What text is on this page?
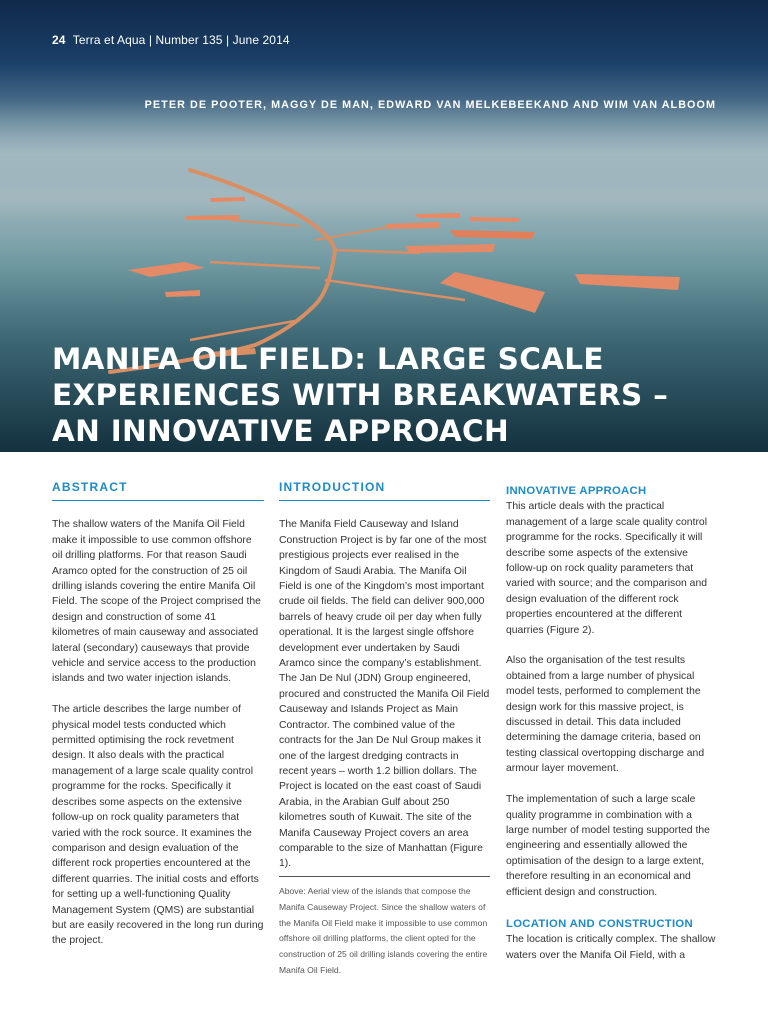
24 Terra et Aqua | Number 135 | June 2014
PETER DE POOTER, MAGGY DE MAN, EDWARD VAN MELKEBEEKAND AND WIM VAN ALBOOM
MANIFA OIL FIELD: LARGE SCALE
EXPERIENCES WITH BREAKWATERS –
AN INNOVATIVE APPROACH
ABSTRACT

The shallow waters of the Manifa Oil Field make it impossible to use common offshore oil drilling platforms. For that reason Saudi Aramco opted for the construction of 25 oil drilling islands covering the entire Manifa Oil Field. The scope of the Project comprised the design and construction of some 41 kilometres of main causeway and associated lateral (secondary) causeways that provide vehicle and service access to the production islands and two water injection islands.

The article describes the large number of physical model tests conducted which permitted optimising the rock revetment design. It also deals with the practical management of a large scale quality control programme for the rocks. Specifically it describes some aspects on the extensive follow-up on rock quality parameters that varied with the rock source. It examines the comparison and design evaluation of the different rock properties encountered at the different quarries. The initial costs and efforts for setting up a well-functioning Quality Management System (QMS) are substantial but are easily recovered in the long run during the project.

INTRODUCTION

The Manifa Field Causeway and Island Construction Project is by far one of the most prestigious projects ever realised in the Kingdom of Saudi Arabia. The Manifa Oil Field is one of the Kingdom’s most important crude oil fields. The field can deliver 900,000 barrels of heavy crude oil per day when fully operational. It is the largest single offshore development ever undertaken by Saudi Aramco since the company’s establishment. The Jan De Nul (JDN) Group engineered, procured and constructed the Manifa Oil Field Causeway and Islands Project as Main Contractor. The combined value of the contracts for the Jan De Nul Group makes it one of the largest dredging contracts in recent years – worth 1.2 billion dollars. The Project is located on the east coast of Saudi Arabia, in the Arabian Gulf about 250 kilometres south of Kuwait. The site of the Manifa Causeway Project covers an area comparable to the size of Manhattan (Figure 1).

Above: Aerial view of the islands that compose the Manifa Causeway Project. Since the shallow waters of the Manifa Oil Field make it impossible to use common offshore oil drilling platforms, the client opted for the construction of 25 oil drilling islands covering the entire Manifa Oil Field.
INNOVATIVE APPROACH

This article deals with the practical management of a large scale quality control programme for the rocks. Specifically it will describe some aspects of the extensive follow-up on rock quality parameters that varied with source; and the comparison and design evaluation of the different rock properties encountered at the different quarries (Figure 2).

Also the organisation of the test results obtained from a large number of physical model tests, performed to complement the design work for this massive project, is discussed in detail. This data included determining the damage criteria, based on testing classical overtopping discharge and armour layer movement.

The implementation of such a large scale quality programme in combination with a large number of model testing supported the engineering and essentially allowed the optimisation of the design to a large extent, therefore resulting in an economical and efficient design and construction.

LOCATION AND CONSTRUCTION

The location is critically complex. The shallow waters over the Manifa Oil Field, with a
